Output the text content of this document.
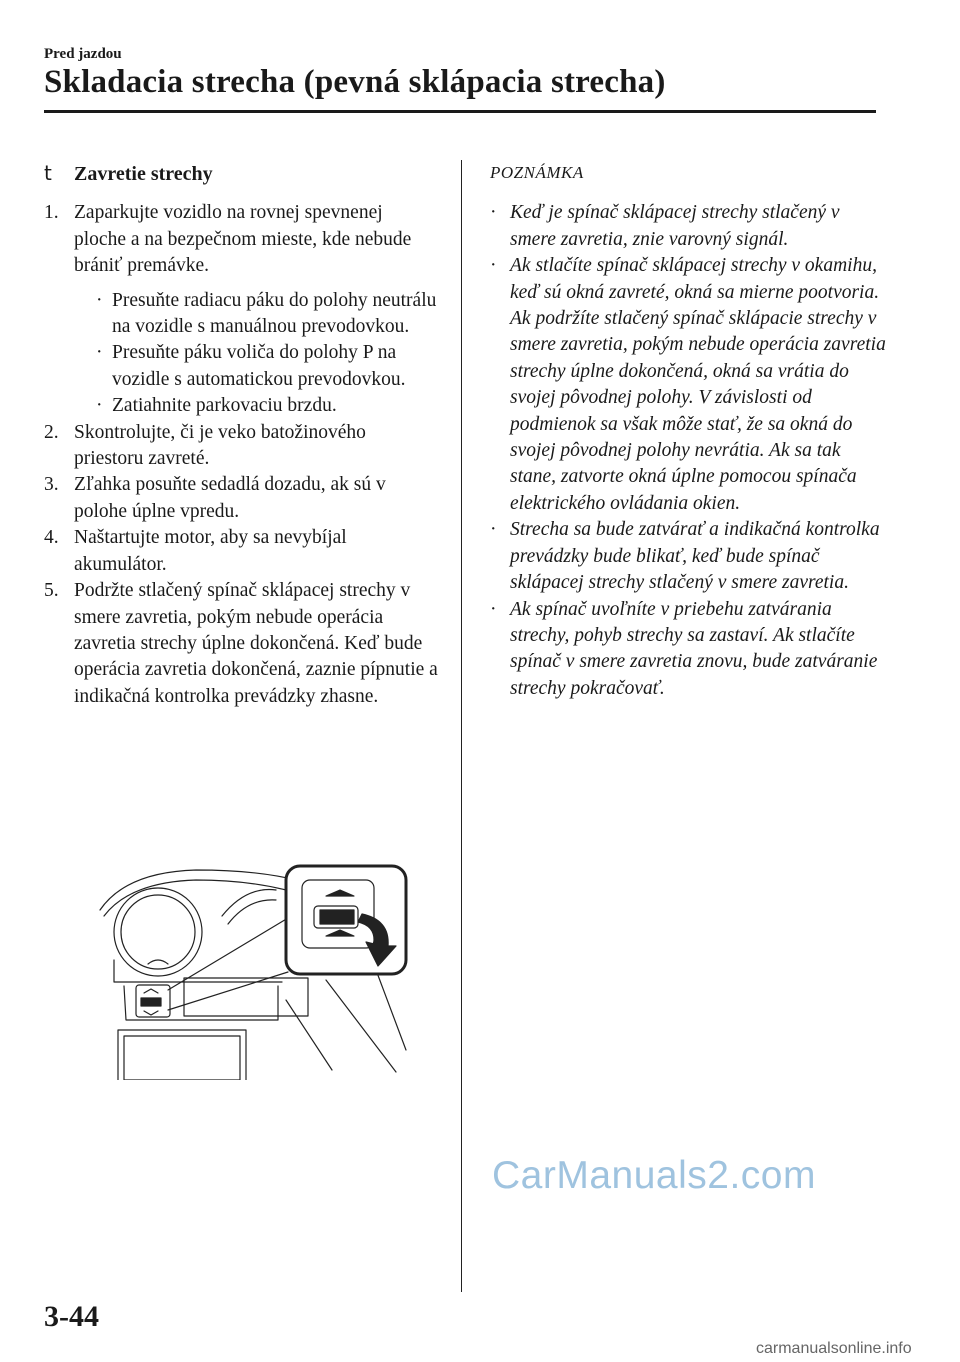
Pred jazdou
Skladacia strecha (pevná sklápacia strecha)
t	Zavretie strechy
1. Zaparkujte vozidlo na rovnej spevnenej ploche a na bezpečnom mieste, kde nebude brániť premávke.
· Presuňte radiacu páku do polohy neutrálu na vozidle s manuálnou prevodovkou.
· Presuňte páku voliča do polohy P na vozidle s automatickou prevodovkou.
· Zatiahnite parkovaciu brzdu.
2. Skontrolujte, či je veko batožinového priestoru zavreté.
3. Zľahka posuňte sedadlá dozadu, ak sú v polohe úplne vpredu.
4. Naštartujte motor, aby sa nevybíjal akumulátor.
5. Podržte stlačený spínač sklápacej strechy v smere zavretia, pokým nebude operácia zavretia strechy úplne dokončená. Keď bude operácia zavretia dokončená, zaznie pípnutie a indikačná kontrolka prevádzky zhasne.
POZNÁMKA
· Keď je spínač sklápacej strechy stlačený v smere zavretia, znie varovný signál.
· Ak stlačíte spínač sklápacej strechy v okamihu, keď sú okná zavreté, okná sa mierne pootvoria. Ak podržíte stlačený spínač sklápacie strechy v smere zavretia, pokým nebude operácia zavretia strechy úplne dokončená, okná sa vrátia do svojej pôvodnej polohy. V závislosti od podmienok sa však môže stať, že sa okná do svojej pôvodnej polohy nevrátia. Ak sa tak stane, zatvorte okná úplne pomocou spínača elektrického ovládania okien.
· Strecha sa bude zatvárať a indikačná kontrolka prevádzky bude blikať, keď bude spínač sklápacej strechy stlačený v smere zavretia.
· Ak spínač uvoľníte v priebehu zatvárania strechy, pohyb strechy sa zastaví. Ak stlačíte spínač v smere zavretia znovu, bude zatváranie strechy pokračovať.
CarManuals2.com
3-44
carmanualsonline.info
